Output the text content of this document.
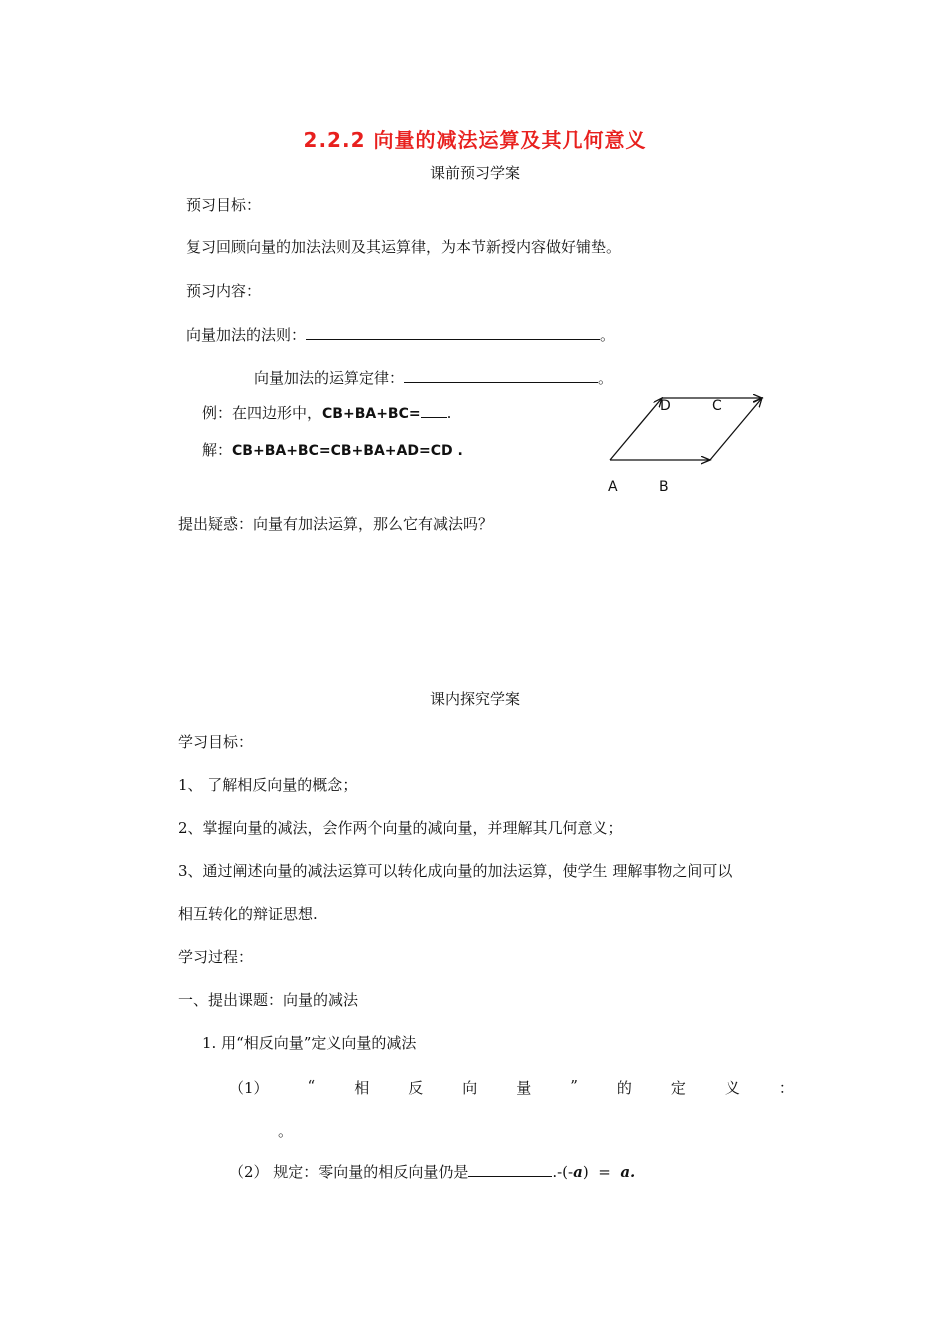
2.2.2 向量的减法运算及其几何意义
课前预习学案
预习目标：
复习回顾向量的加法法则及其运算律，为本节新授内容做好铺垫。
预习内容：
向量加法的法则：	。
向量加法的运算定律：	。
例：在四边形中，CB+BA+BC= .
解：CB+BA+BC=CB+BA+AD=CD .
D	C
A	B
提出疑惑：向量有加法运算，那么它有减法吗？
课内探究学案
学习目标：
1、 了解相反向量的概念；
2、掌握向量的减法，会作两个向量的减向量，并理解其几何意义；
3、通过阐述向量的减法运算可以转化成向量的加法运算，使学生 理解事物之间可以
相互转化的辩证思想.
学习过程：
一、提出课题：向量的减法
1. 用“相反向量”定义向量的减法
（1）	“	相	反	向	量	”	的	定	义	：
。
（2） 规定：零向量的相反向量仍是	.-(-a)  =  a.
